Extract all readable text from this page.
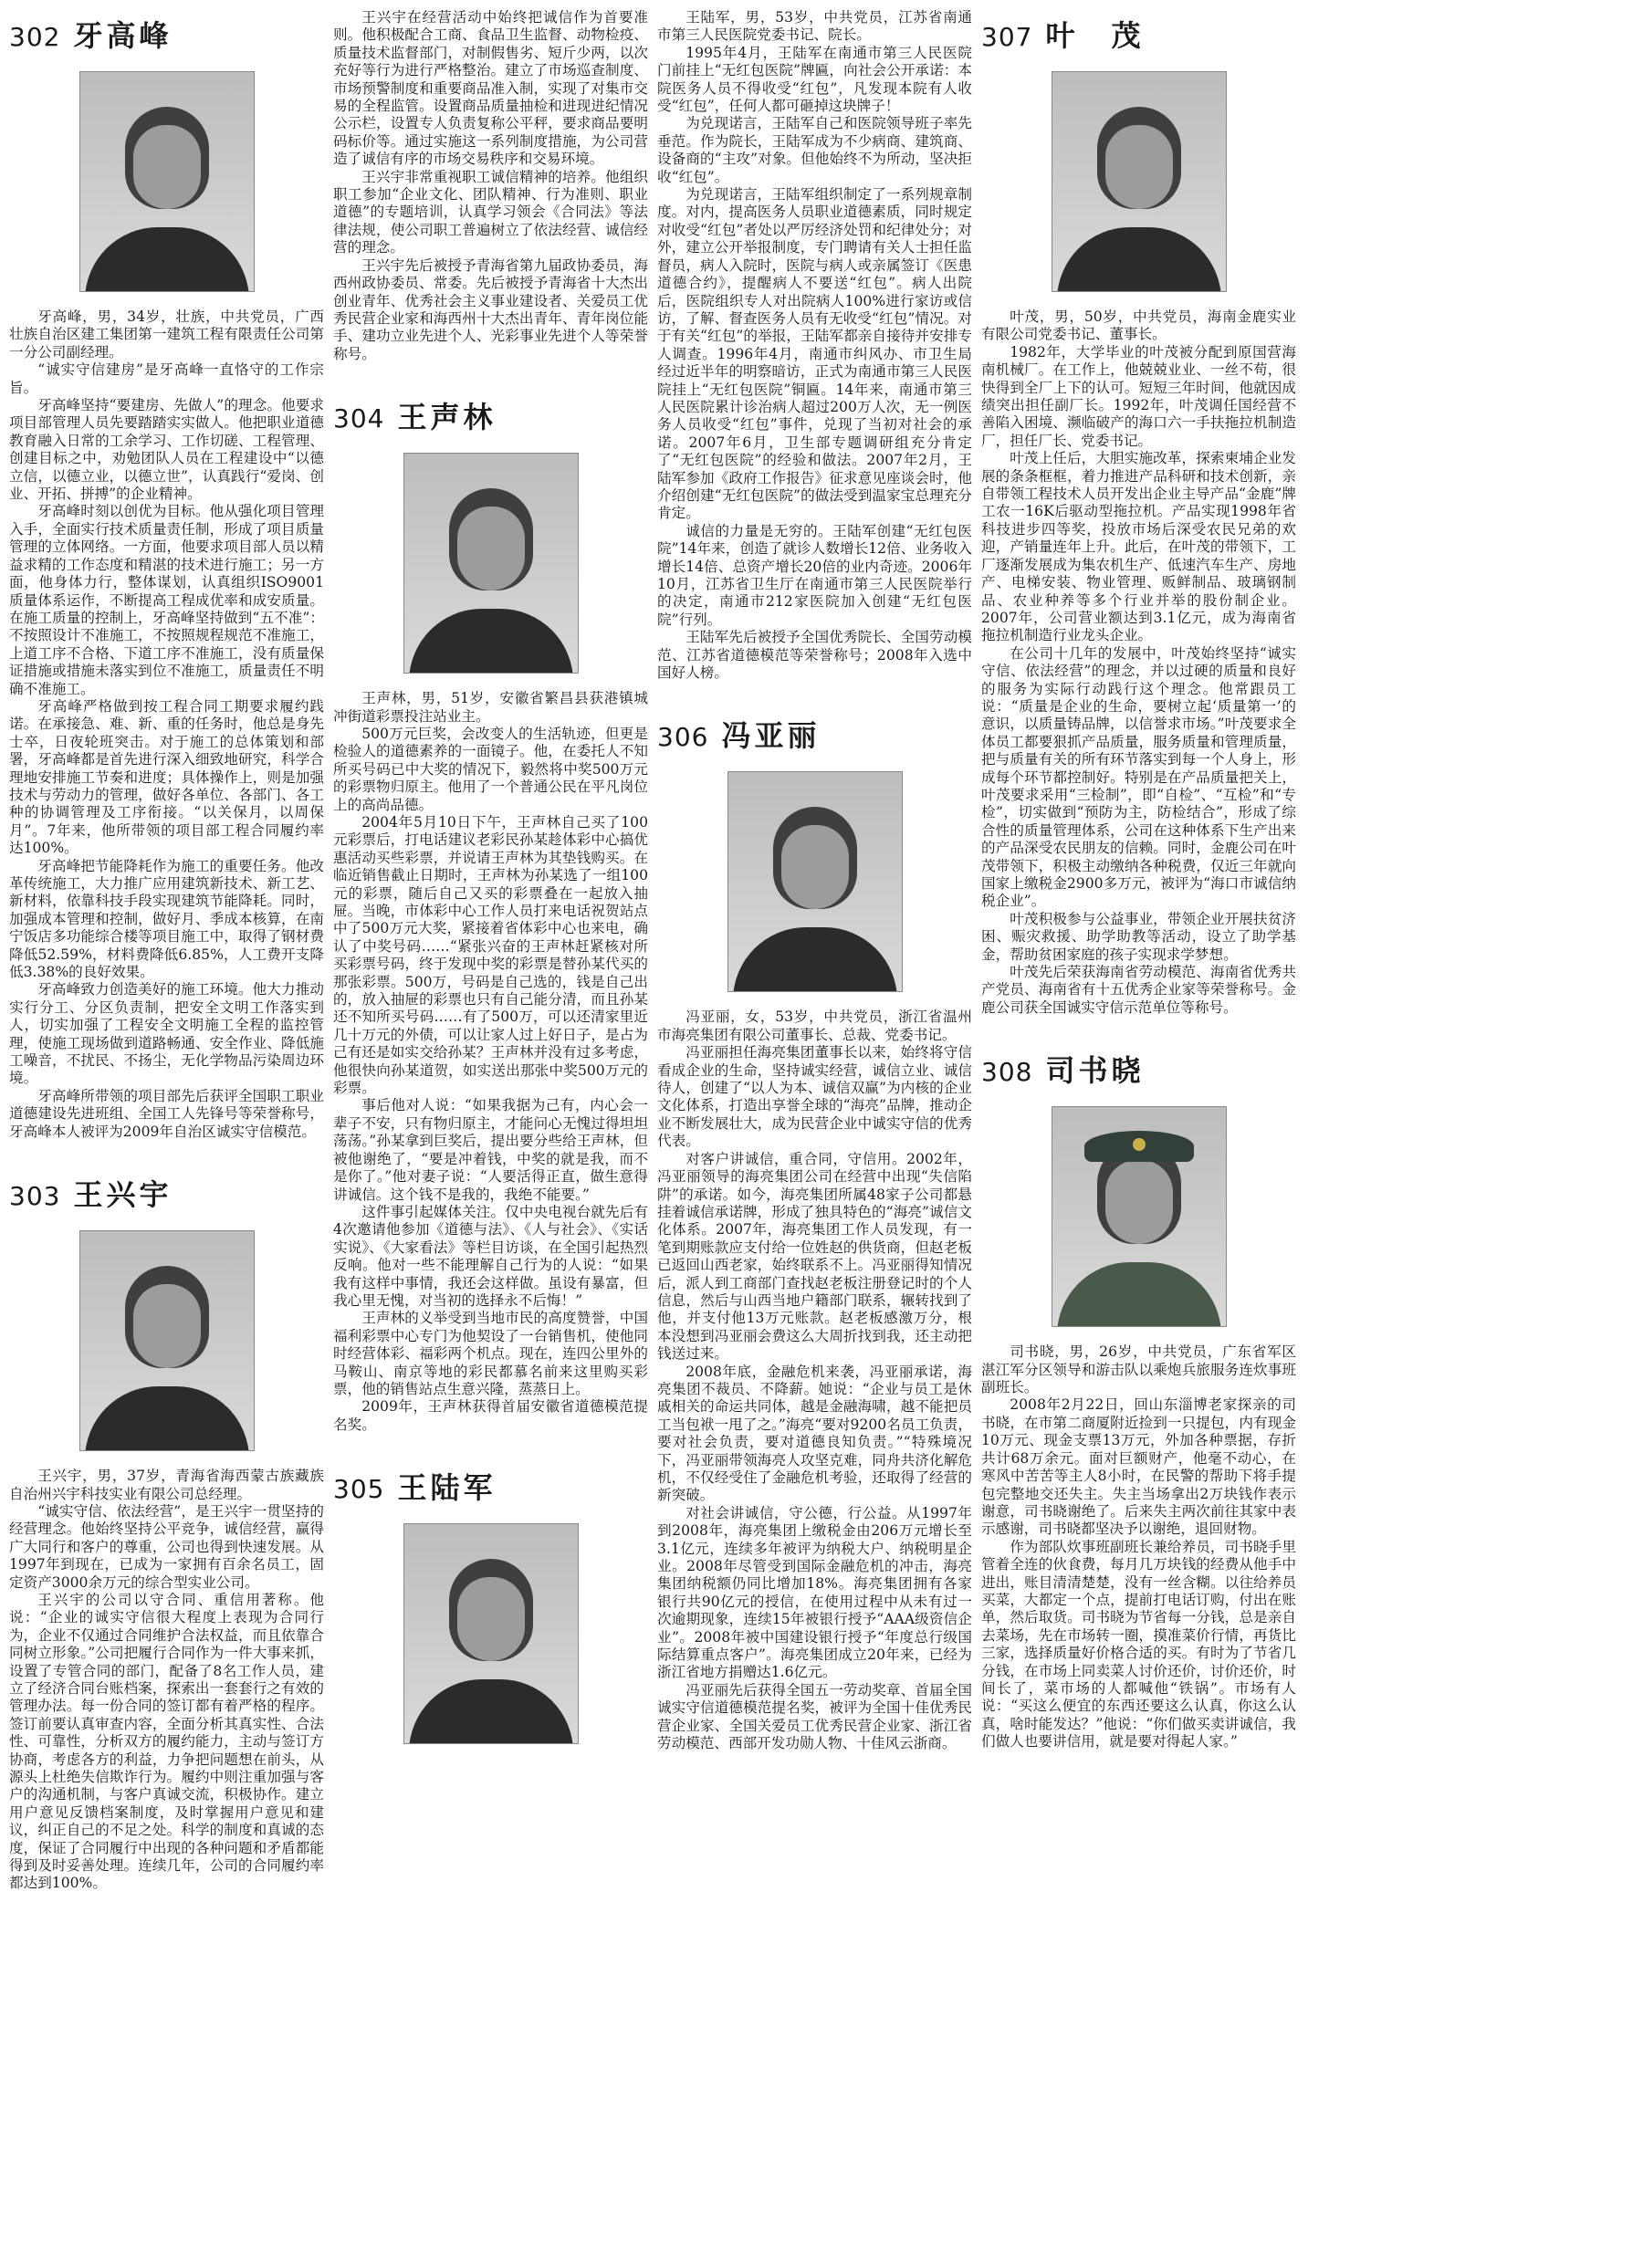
302 牙高峰

牙高峰，男，34岁，壮族，中共党员，广西壮族自治区建工集团第一建筑工程有限责任公司第一分公司副经理。

“诚实守信建房”是牙高峰一直恪守的工作宗旨。

牙高峰坚持“要建房、先做人”的理念。他要求项目部管理人员先要踏踏实实做人。他把职业道德教育融入日常的工余学习、工作切磋、工程管理、创建目标之中，劝勉团队人员在工程建设中“以德立信，以德立业，以德立世”，认真践行“爱岗、创业、开拓、拼搏”的企业精神。

牙高峰时刻以创优为目标。他从强化项目管理入手，全面实行技术质量责任制，形成了项目质量管理的立体网络。一方面，他要求项目部人员以精益求精的工作态度和精湛的技术进行施工；另一方面，他身体力行，整体谋划，认真组织ISO9001质量体系运作，不断提高工程成优率和成安质量。在施工质量的控制上，牙高峰坚持做到“五不准”：不按照设计不准施工，不按照规程规范不准施工，上道工序不合格、下道工序不准施工，没有质量保证措施或措施未落实到位不准施工，质量责任不明确不准施工。

牙高峰严格做到按工程合同工期要求履约践诺。在承接急、难、新、重的任务时，他总是身先士卒，日夜轮班突击。对于施工的总体策划和部署，牙高峰都是首先进行深入细致地研究，科学合理地安排施工节奏和进度；具体操作上，则是加强技术与劳动力的管理，做好各单位、各部门、各工种的协调管理及工序衔接。“以关保月，以周保月”。7年来，他所带领的项目部工程合同履约率达100%。

牙高峰把节能降耗作为施工的重要任务。他改革传统施工，大力推广应用建筑新技术、新工艺、新材料，依靠科技手段实现建筑节能降耗。同时，加强成本管理和控制，做好月、季成本核算，在南宁饭店多功能综合楼等项目施工中，取得了钢材费降低52.59%，材料费降低6.85%，人工费开支降低3.38%的良好效果。

牙高峰致力创造美好的施工环境。他大力推动实行分工、分区负责制，把安全文明工作落实到人，切实加强了工程安全文明施工全程的监控管理，使施工现场做到道路畅通、安全作业、降低施工噪音，不扰民、不扬尘，无化学物品污染周边环境。

牙高峰所带领的项目部先后获评全国职工职业道德建设先进班组、全国工人先锋号等荣誉称号，牙高峰本人被评为2009年自治区诚实守信模范。

303 王兴宇

王兴宇，男，37岁，青海省海西蒙古族藏族自治州兴宇科技实业有限公司总经理。

“诚实守信、依法经营”，是王兴宇一贯坚持的经营理念。他始终坚持公平竞争，诚信经营，赢得广大同行和客户的尊重，公司也得到快速发展。从1997年到现在，已成为一家拥有百余名员工，固定资产3000余万元的综合型实业公司。

王兴宇的公司以守合同、重信用著称。他说：“企业的诚实守信很大程度上表现为合同行为，企业不仅通过合同维护合法权益，而且依靠合同树立形象。”公司把履行合同作为一件大事来抓，设置了专管合同的部门，配备了8名工作人员，建立了经济合同台账档案，探索出一套套行之有效的管理办法。每一份合同的签订都有着严格的程序。签订前要认真审查内容，全面分析其真实性、合法性、可靠性，分析双方的履约能力，主动与签订方协商，考虑各方的利益，力争把问题想在前头，从源头上杜绝失信欺诈行为。履约中则注重加强与客户的沟通机制，与客户真诚交流，积极协作。建立用户意见反馈档案制度，及时掌握用户意见和建议，纠正自己的不足之处。科学的制度和真诚的态度，保证了合同履行中出现的各种问题和矛盾都能得到及时妥善处理。连续几年，公司的合同履约率都达到100%。

王兴宇在经营活动中始终把诚信作为首要准则。他积极配合工商、食品卫生监督、动物检疫、质量技术监督部门，对制假售劣、短斤少两，以次充好等行为进行严格整治。建立了市场巡查制度、市场预警制度和重要商品准入制，实现了对集市交易的全程监管。设置商品质量抽检和进现进纪情况公示栏，设置专人负责复称公平秤，要求商品要明码标价等。通过实施这一系列制度措施，为公司营造了诚信有序的市场交易秩序和交易环境。

王兴宇非常重视职工诚信精神的培养。他组织职工参加“企业文化、团队精神、行为准则、职业道德”的专题培训，认真学习领会《合同法》等法律法规，使公司职工普遍树立了依法经营、诚信经营的理念。

王兴宇先后被授予青海省第九届政协委员，海西州政协委员、常委。先后被授予青海省十大杰出创业青年、优秀社会主义事业建设者、关爱员工优秀民营企业家和海西州十大杰出青年、青年岗位能手、建功立业先进个人、光彩事业先进个人等荣誉称号。

304 王声林

王声林，男，51岁，安徽省繁昌县获港镇城冲街道彩票投注站业主。

500万元巨奖，会改变人的生活轨迹，但更是检验人的道德素养的一面镜子。他，在委托人不知所买号码已中大奖的情况下，毅然将中奖500万元的彩票物归原主。他用了一个普通公民在平凡岗位上的高尚品德。

2004年5月10日下午，王声林自己买了100元彩票后，打电话建议老彩民孙某趁体彩中心搞优惠活动买些彩票，并说请王声林为其垫钱购买。在临近销售截止日期时，王声林为孙某选了一组100元的彩票，随后自己又买的彩票叠在一起放入抽屉。当晚，市体彩中心工作人员打来电话祝贺站点中了500万元大奖，紧接着省体彩中心也来电，确认了中奖号码……“紧张兴奋的王声林赶紧核对所买彩票号码，终于发现中奖的彩票是替孙某代买的那张彩票。500万，号码是自己选的，钱是自己出的，放入抽屉的彩票也只有自己能分清，而且孙某还不知所买号码……有了500万，可以还清家里近几十万元的外债，可以让家人过上好日子，是占为己有还是如实交给孙某？王声林并没有过多考虑，他很快向孙某道贺，如实送出那张中奖500万元的彩票。

事后他对人说：“如果我据为己有，内心会一辈子不安，只有物归原主，才能问心无愧过得坦坦荡荡。”孙某拿到巨奖后，提出要分些给王声林，但被他谢绝了，“要是冲着钱，中奖的就是我，而不是你了。”他对妻子说：“人要活得正直，做生意得讲诚信。这个钱不是我的，我绝不能要。”

这件事引起媒体关注。仅中央电视台就先后有4次邀请他参加《道德与法》、《人与社会》、《实话实说》、《大家看法》等栏目访谈，在全国引起热烈反响。他对一些不能理解自己行为的人说：“如果我有这样中事情，我还会这样做。虽设有暴富，但我心里无愧，对当初的选择永不后悔！”

王声林的义举受到当地市民的高度赞誉，中国福利彩票中心专门为他契设了一台销售机，使他同时经营体彩、福彩两个机点。现在，连四公里外的马鞍山、南京等地的彩民都慕名前来这里购买彩票，他的销售站点生意兴隆，蒸蒸日上。

2009年，王声林获得首届安徽省道德模范提名奖。

305 王陆军

王陆军，男，53岁，中共党员，江苏省南通市第三人民医院党委书记、院长。

1995年4月，王陆军在南通市第三人民医院门前挂上“无红包医院”牌匾，向社会公开承诺：本院医务人员不得收受“红包”，凡发现本院有人收受“红包”，任何人都可砸掉这块牌子！

为兑现诺言，王陆军自己和医院领导班子率先垂范。作为院长，王陆军成为不少病商、建筑商、设备商的“主攻”对象。但他始终不为所动，坚决拒收“红包”。

为兑现诺言，王陆军组织制定了一系列规章制度。对内，提高医务人员职业道德素质，同时规定对收受“红包”者处以严厉经济处罚和纪律处分；对外，建立公开举报制度，专门聘请有关人士担任监督员，病人入院时，医院与病人或亲属签订《医患道德合约》，提醒病人不要送“红包”。病人出院后，医院组织专人对出院病人100%进行家访或信访，了解、督查医务人员有无收受“红包”情况。对于有关“红包”的举报，王陆军都亲自接待并安排专人调查。1996年4月，南通市纠风办、市卫生局经过近半年的明察暗访，正式为南通市第三人民医院挂上“无红包医院”铜匾。14年来，南通市第三人民医院累计诊治病人超过200万人次，无一例医务人员收受“红包”事件，兑现了当初对社会的承诺。2007年6月，卫生部专题调研组充分肯定了“无红包医院”的经验和做法。2007年2月，王陆军参加《政府工作报告》征求意见座谈会时，他介绍创建“无红包医院”的做法受到温家宝总理充分肯定。

诚信的力量是无穷的。王陆军创建“无红包医院”14年来，创造了就诊人数增长12倍、业务收入增长14倍、总资产增长20倍的业内奇迹。2006年10月，江苏省卫生厅在南通市第三人民医院举行的决定，南通市212家医院加入创建“无红包医院”行列。

王陆军先后被授予全国优秀院长、全国劳动模范、江苏省道德模范等荣誉称号；2008年入选中国好人榜。

306 冯亚丽

冯亚丽，女，53岁，中共党员，浙江省温州市海亮集团有限公司董事长、总裁、党委书记。

冯亚丽担任海亮集团董事长以来，始终将守信看成企业的生命，坚持诚实经营，诚信立业、诚信待人，创建了“以人为本、诚信双赢”为内核的企业文化体系，打造出享誉全球的“海亮”品牌，推动企业不断发展壮大，成为民营企业中诚实守信的优秀代表。

对客户讲诚信，重合同，守信用。2002年，冯亚丽领导的海亮集团公司在经营中出现“失信陷阱”的承诺。如今，海亮集团所属48家子公司都悬挂着诚信承诺牌，形成了独具特色的“海亮”诚信文化体系。2007年，海亮集团工作人员发现，有一笔到期账款应支付给一位姓赵的供货商，但赵老板已返回山西老家，始终联系不上。冯亚丽得知情况后，派人到工商部门查找赵老板注册登记时的个人信息，然后与山西当地户籍部门联系，辗转找到了他，并支付他13万元账款。赵老板感激万分，根本没想到冯亚丽会费这么大周折找到我，还主动把钱送过来。

2008年底，金融危机来袭，冯亚丽承诺，海亮集团不裁员、不降薪。她说：“企业与员工是休戚相关的命运共同体，越是金融海啸，越不能把员工当包袱一甩了之。”海亮“要对9200名员工负责，要对社会负责，要对道德良知负责。”“特殊境况下，冯亚丽带领海亮人攻坚克难，同舟共济化解危机，不仅经受住了金融危机考验，还取得了经营的新突破。

对社会讲诚信，守公德，行公益。从1997年到2008年，海亮集团上缴税金由206万元增长至3.1亿元，连续多年被评为纳税大户、纳税明星企业。2008年尽管受到国际金融危机的冲击，海亮集团纳税额仍同比增加18%。海亮集团拥有各家银行共90亿元的授信，在使用过程中从未有过一次逾期现象，连续15年被银行授予“AAA级资信企业”。2008年被中国建设银行授予“年度总行级国际结算重点客户”。海亮集团成立20年来，已经为浙江省地方捐赠达1.6亿元。

冯亚丽先后获得全国五一劳动奖章、首届全国诚实守信道德模范提名奖，被评为全国十佳优秀民营企业家、全国关爱员工优秀民营企业家、浙江省劳动模范、西部开发功勋人物、十佳风云浙商。

307 叶　茂

叶茂，男，50岁，中共党员，海南金鹿实业有限公司党委书记、董事长。

1982年，大学毕业的叶茂被分配到原国营海南机械厂。在工作上，他兢兢业业、一丝不苟，很快得到全厂上下的认可。短短三年时间，他就因成绩突出担任副厂长。1992年，叶茂调任国经营不善陷入困境、濒临破产的海口六一手扶拖拉机制造厂，担任厂长、党委书记。

叶茂上任后，大胆实施改革，探索柬埔企业发展的条条框框，着力推进产品科研和技术创新，亲自带领工程技术人员开发出企业主导产品“金鹿”牌工农一16K后驱动型拖拉机。产品实现1998年省科技进步四等奖，投放市场后深受农民兄弟的欢迎，产销量连年上升。此后，在叶茂的带领下，工厂逐渐发展成为集农机生产、低速汽车生产、房地产、电梯安装、物业管理、贩鲜制品、玻璃钢制品、农业种养等多个行业并举的股份制企业。2007年，公司营业额达到3.1亿元，成为海南省拖拉机制造行业龙头企业。

在公司十几年的发展中，叶茂始终坚持“诚实守信、依法经营”的理念，并以过硬的质量和良好的服务为实际行动践行这个理念。他常跟员工说：“质量是企业的生命，要树立起‘质量第一’的意识，以质量铸品牌，以信誉求市场。”叶茂要求全体员工都要狠抓产品质量，服务质量和管理质量，把与质量有关的所有环节落实到每一个人身上，形成每个环节都控制好。特别是在产品质量把关上，叶茂要求采用“三检制”，即“自检”、“互检”和“专检”，切实做到“预防为主，防检结合”，形成了综合性的质量管理体系，公司在这种体系下生产出来的产品深受农民朋友的信赖。同时，金鹿公司在叶茂带领下，积极主动缴纳各种税费，仅近三年就向国家上缴税金2900多万元，被评为“海口市诚信纳税企业”。

叶茂积极参与公益事业，带领企业开展扶贫济困、赈灾救援、助学助教等活动，设立了助学基金，帮助贫困家庭的孩子实现求学梦想。

叶茂先后荣获海南省劳动模范、海南省优秀共产党员、海南省有十五优秀企业家等荣誉称号。金鹿公司获全国诚实守信示范单位等称号。

308 司书晓

司书晓，男，26岁，中共党员，广东省军区湛江军分区领导和游击队以乘炮兵旅服务连炊事班副班长。

2008年2月22日，回山东淄博老家探亲的司书晓，在市第二商厦附近捡到一只提包，内有现金10万元、现金支票13万元，外加各种票据，存折共计68万余元。面对巨额财产，他毫不动心，在寒风中苦苦等主人8小时，在民警的帮助下将手提包完整地交还失主。失主当场拿出2万块钱作表示谢意，司书晓谢绝了。后来失主两次前往其家中表示感谢，司书晓都坚决予以谢绝，退回财物。

作为部队炊事班副班长兼给养员，司书晓手里管着全连的伙食费，每月几万块钱的经费从他手中进出，账目清清楚楚，没有一丝含糊。以往给养员买菜，大都定一个点，提前打电话订购，付出在账单，然后取货。司书晓为节省每一分钱，总是亲自去菜场，先在市场转一圈，摸准菜价行情，再货比三家，选择质量好价格合适的买。有时为了节省几分钱，在市场上同卖菜人讨价还价，讨价还价，时间长了，菜市场的人都喊他“铁锅”。市场有人说：“买这么便宜的东西还要这么认真，你这么认真，啥时能发达？”他说：“你们做买卖讲诚信，我们做人也要讲信用，就是要对得起人家。”
